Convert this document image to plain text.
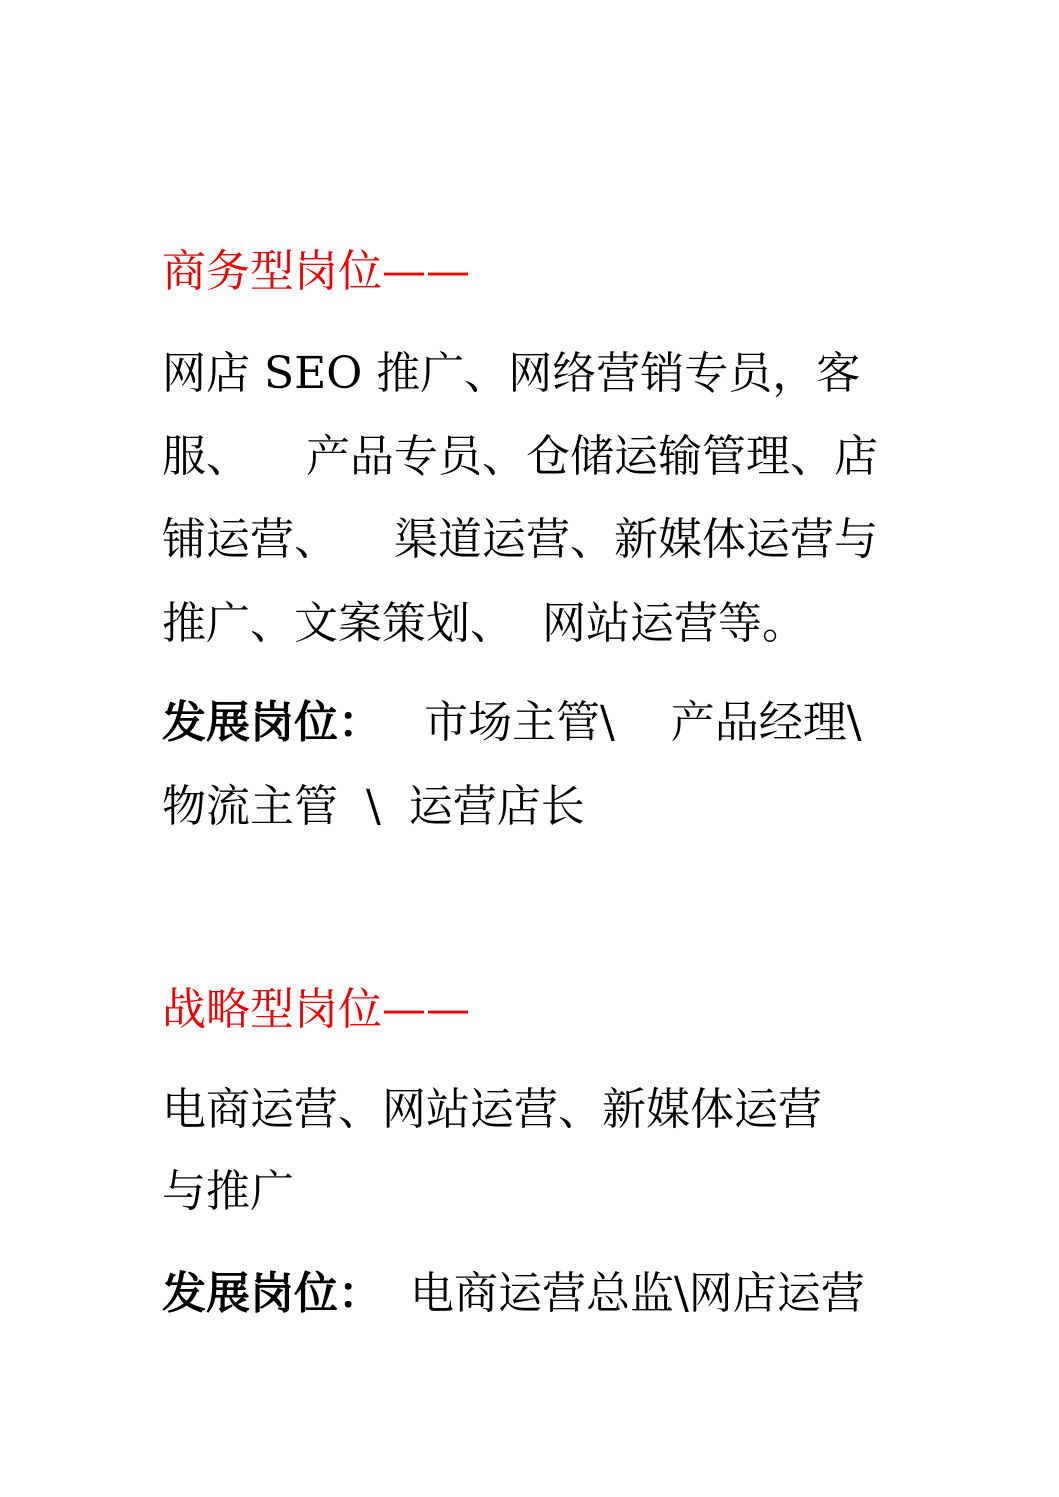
商务型岗位——
网店 SEO 推广、网络营销专员，客
服、    产品专员、仓储运输管理、店
铺运营、    渠道运营、新媒体运营与
推广、文案策划、  网站运营等。
发展岗位：   市场主管\    产品经理\
物流主管  \  运营店长
战略型岗位——
电商运营、网站运营、新媒体运营
与推广
发展岗位：  电商运营总监\网店运营
